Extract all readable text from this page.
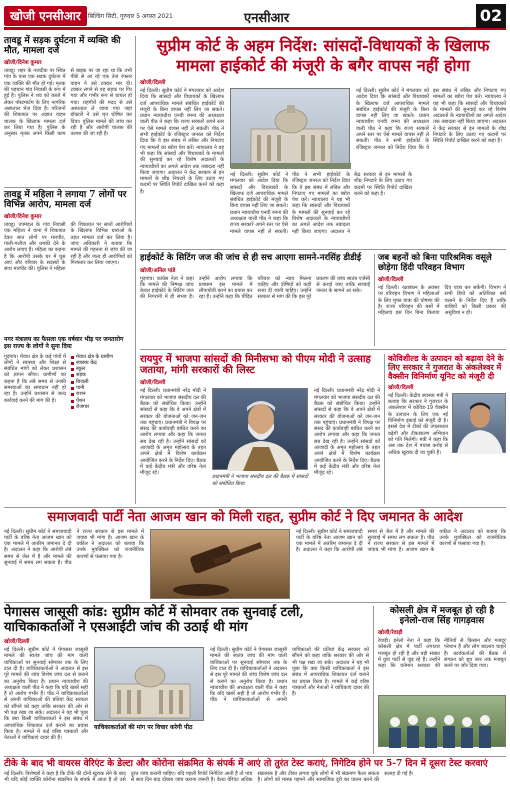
खोजी एनसीआर	बिल्डिंग सिटी, गुरुवार 5 अगस्त 2021	एनसीआर	02
तावडू में सड़क दुर्घटना में व्यक्ति की मौत, मामला दर्ज
खोजी/दिनेश कुमार
तावडू। शहर के नजदीक पर स्थित गांव के पास एक सड़क दुर्घटना में एक व्यक्ति की मौत हो गई। मृतक की पहचान गांव निवासी के रूप में हुई है। पुलिस ने शव को कब्जे में लेकर पोस्टमार्टम के लिए नागरिक अस्पताल भेज दिया है। परिजनों की शिकायत पर अज्ञात वाहन चालक के खिलाफ मामला दर्ज कर लिया गया है। पुलिस के अनुसार मृतक अपने किसी काम से बाइक पर जा रहा था कि तभी पीछे से आ रहे एक तेज रफ्तार वाहन ने उसे टक्कर मार दी। टक्कर लगने से वह सड़क पर गिर गया और गंभीर रूप से घायल हो गया। राहगीरों की मदद से उसे अस्पताल ले जाया गया जहां डॉक्टरों ने उसे मृत घोषित कर दिया। पुलिस मामले की जांच कर रही है और आरोपी चालक की तलाश की जा रही है।
तावडू में महिला ने लगाया 7 लोगों पर विभिन्न आरोप, मामला दर्ज
खोजी/दिनेश कुमार
तावडू। उपमंडल के गांव निवासी एक महिला ने थाना में शिकायत देकर सात लोगों पर मारपीट, गाली-गलौज और धमकी देने के आरोप लगाए हैं। महिला का कहना है कि आरोपी उसके घर में घुस आए और परिवार के सदस्यों के साथ मारपीट की। पुलिस ने महिला की शिकायत पर सातों आरोपियों के खिलाफ विभिन्न धाराओं के तहत मामला दर्ज कर लिया है। जांच अधिकारी ने बताया कि मामले की गहनता से जांच की जा रही है और जल्द ही आरोपियों को गिरफ्तार कर लिया जाएगा।
नगर मंत्रालय का फैसला एक वर्षवार भीड़ पर जनतारोग इस राज्य के लोगों ने सुना दिया
गुड़गांव। मेवात क्षेत्र के कई गांवों में लोगों ने स्वास्थ्य और शिक्षा से संबंधित मांगों को लेकर प्रशासन को ज्ञापन सौंपा। ग्रामीणों का कहना है कि लंबे समय से उनकी समस्याओं का समाधान नहीं हो रहा है। उन्होंने प्रशासन से जल्द कार्रवाई करने की मांग की है।
मेवात क्षेत्र के ग्रामीण
स्वास्थ्य केंद्र
स्कूल
सड़क
बिजली
पानी
राशन
पेंशन
रोजगार
सुप्रीम कोर्ट के अहम निर्देश: सांसदों-विधायकों के खिलाफ मामला हाईकोर्ट की मंजूरी के बगैर वापस नहीं होगा
खोजी/दिल्ली
नई दिल्ली। सुप्रीम कोर्ट ने मंगलवार को आदेश दिया कि सांसदों और विधायकों के खिलाफ दर्ज आपराधिक मामले संबंधित हाईकोर्ट की मंजूरी के बिना वापस नहीं लिए जा सकते। प्रधान न्यायाधीश एनवी रमना की अध्यक्षता वाली पीठ ने कहा कि राज्य सरकारें अपने स्तर पर ऐसे मामले वापस नहीं ले सकतीं। पीठ ने सभी हाईकोर्ट के रजिस्ट्रार जनरल को निर्देश दिया कि वे इस संबंध में लंबित और निपटाए गए मामलों का ब्योरा पेश करें। न्यायालय ने यह भी कहा कि सांसदों और विधायकों के मामलों की सुनवाई कर रहे विशेष अदालतों के न्यायाधीशों का अगले आदेश तक तबादला नहीं किया जाएगा। अदालत ने केंद्र सरकार से इन मामलों के शीघ्र निपटारे के लिए उठाए गए कदमों पर स्थिति रिपोर्ट दाखिल करने को कहा है।
नई दिल्ली। सुप्रीम कोर्ट ने मंगलवार को आदेश दिया कि सांसदों और विधायकों के खिलाफ दर्ज आपराधिक मामले संबंधित हाईकोर्ट की मंजूरी के बिना वापस नहीं लिए जा सकते। प्रधान न्यायाधीश एनवी रमना की अध्यक्षता वाली पीठ ने कहा कि राज्य सरकारें अपने स्तर पर ऐसे मामले वापस नहीं ले सकतीं। पीठ ने सभी हाईकोर्ट के रजिस्ट्रार जनरल को निर्देश दिया कि वे इस संबंध में लंबित और निपटाए गए मामलों का ब्योरा पेश करें। न्यायालय ने यह भी कहा कि सांसदों और विधायकों के मामलों की सुनवाई कर रहे विशेष अदालतों के न्यायाधीशों का अगले आदेश तक तबादला नहीं किया जाएगा। अदालत ने केंद्र सरकार से इन मामलों के शीघ्र निपटारे के लिए उठाए गए कदमों पर स्थिति रिपोर्ट दाखिल करने को कहा है।
नई दिल्ली। सुप्रीम कोर्ट ने मंगलवार को आदेश दिया कि सांसदों और विधायकों के खिलाफ दर्ज आपराधिक मामले संबंधित हाईकोर्ट की मंजूरी के बिना वापस नहीं लिए जा सकते। प्रधान न्यायाधीश एनवी रमना की अध्यक्षता वाली पीठ ने कहा कि राज्य सरकारें अपने स्तर पर ऐसे मामले वापस नहीं ले सकतीं। पीठ ने सभी हाईकोर्ट के रजिस्ट्रार जनरल को निर्देश दिया कि वे इस संबंध में लंबित और निपटाए गए मामलों का ब्योरा पेश करें। न्यायालय ने यह भी कहा कि सांसदों और विधायकों के मामलों की सुनवाई कर रहे विशेष अदालतों के न्यायाधीशों का अगले आदेश तक तबादला नहीं किया जाएगा। अदालत ने केंद्र सरकार से इन मामलों के शीघ्र निपटारे के लिए उठाए गए कदमों पर स्थिति रिपोर्ट दाखिल करने को कहा है।
हाईकोर्ट के सिटिंग जज की जांच से ही सच आएगा सामने-नरसिंह डीडीई
खोजी/अनिल पांडे
गुड़गांव। कांग्रेस नेता ने कहा कि मामले की निष्पक्ष जांच केवल हाईकोर्ट के सिटिंग जज की निगरानी में ही संभव है। उन्होंने आरोप लगाया कि प्रशासन इस मामले में लीपापोती करने का प्रयास कर रहा है। उन्होंने कहा कि पीड़ित परिवार को न्याय मिलना चाहिए और दोषियों को कड़ी सजा दी जानी चाहिए। उन्होंने सरकार से मांग की कि इस पूरे प्रकरण की जांच स्वतंत्र एजेंसी से कराई जाए ताकि सच्चाई जनता के सामने आ सके।
जब बहनों को बिना पारिश्रमिक वसूले छोड़ेगा हिंदी परिवहन विभाग
खोजी/दिल्ली
नई दिल्ली। रक्षाबंधन के अवसर पर परिवहन विभाग ने महिलाओं के लिए मुफ्त यात्रा की घोषणा की है। राज्य परिवहन की बसों में महिलाएं इस दिन बिना किराया दिए यात्रा कर सकेंगी। विभाग ने सभी डिपो को अतिरिक्त बसें चलाने के निर्देश दिए हैं ताकि यात्रियों को किसी प्रकार की असुविधा न हो।
रायपुर में भाजपा सांसदों की मिनीसभा को पीएम मोदी ने उत्साह जताया, मांगी सरकारों की लिस्ट
खोजी/दिल्ली
नई दिल्ली। प्रधानमंत्री नरेंद्र मोदी ने मंगलवार को भाजपा संसदीय दल की बैठक को संबोधित किया। उन्होंने सांसदों से कहा कि वे अपने क्षेत्रों में सरकार की योजनाओं को जन-जन तक पहुंचाएं। प्रधानमंत्री ने विपक्ष पर संसद की कार्यवाही बाधित करने का आरोप लगाया और कहा कि जनता सब देख रही है। उन्होंने सांसदों को आजादी के अमृत महोत्सव के तहत अपने क्षेत्रों में विशेष कार्यक्रम आयोजित करने के निर्देश दिए। बैठक में कई केंद्रीय मंत्री और वरिष्ठ नेता मौजूद रहे।
प्रधानमंत्री ने भाजपा संसदीय दल की बैठक में सांसदों को संबोधित किया
नई दिल्ली। प्रधानमंत्री नरेंद्र मोदी ने मंगलवार को भाजपा संसदीय दल की बैठक को संबोधित किया। उन्होंने सांसदों से कहा कि वे अपने क्षेत्रों में सरकार की योजनाओं को जन-जन तक पहुंचाएं। प्रधानमंत्री ने विपक्ष पर संसद की कार्यवाही बाधित करने का आरोप लगाया और कहा कि जनता सब देख रही है। उन्होंने सांसदों को आजादी के अमृत महोत्सव के तहत अपने क्षेत्रों में विशेष कार्यक्रम आयोजित करने के निर्देश दिए। बैठक में कई केंद्रीय मंत्री और वरिष्ठ नेता मौजूद रहे।
कोविशील्ड के उत्पादन को बढ़ावा देने के लिए सरकार ने गुजरात के अंकलेश्वर में वैक्सीन विनिर्माण यूनिट को मंजूरी दी
खोजी/दिल्ली
नई दिल्ली। केंद्रीय स्वास्थ्य मंत्री ने बताया कि सरकार ने गुजरात के अंकलेश्वर में कोविड-19 वैक्सीन के उत्पादन के लिए एक नई विनिर्माण इकाई को मंजूरी दी है। इससे देश में टीकों की उपलब्धता बढ़ेगी और टीकाकरण अभियान को गति मिलेगी। मंत्री ने कहा कि अब तक देश में पचास करोड़ से अधिक खुराक दी जा चुकी हैं।
समाजवादी पार्टी नेता आजम खान को मिली राहत, सुप्रीम कोर्ट ने दिए जमानत के आदेश
नई दिल्ली। सुप्रीम कोर्ट ने समाजवादी पार्टी के वरिष्ठ नेता आजम खान को एक मामले में अंतरिम जमानत दे दी है। अदालत ने कहा कि आरोपी लंबे समय से जेल में है और मामले की सुनवाई में समय लग सकता है। पीठ ने राज्य सरकार से इस मामले में जवाब भी मांगा है। आजम खान के वकील ने अदालत को बताया कि उनके मुवक्किल को राजनीतिक कारणों से फंसाया गया है।
नई दिल्ली। सुप्रीम कोर्ट ने समाजवादी पार्टी के वरिष्ठ नेता आजम खान को एक मामले में अंतरिम जमानत दे दी है। अदालत ने कहा कि आरोपी लंबे समय से जेल में है और मामले की सुनवाई में समय लग सकता है। पीठ ने राज्य सरकार से इस मामले में जवाब भी मांगा है। आजम खान के वकील ने अदालत को बताया कि उनके मुवक्किल को राजनीतिक कारणों से फंसाया गया है।
पेगासस जासूसी कांड: सुप्रीम कोर्ट में सोमवार तक सुनवाई टली, याचिकाकर्ताओं ने एसआईटी जांच की उठाई थी मांग
खोजी/दिल्ली
नई दिल्ली। सुप्रीम कोर्ट ने पेगासस जासूसी मामले की स्वतंत्र जांच की मांग वाली याचिकाओं पर सुनवाई सोमवार तक के लिए टाल दी है। याचिकाकर्ताओं ने अदालत से इस पूरे मामले की जांच विशेष जांच दल से कराने का अनुरोध किया है। प्रधान न्यायाधीश की अध्यक्षता वाली पीठ ने कहा कि यदि खबरें सही हैं तो आरोप गंभीर हैं। पीठ ने याचिकाकर्ताओं से अपनी याचिकाओं की प्रतियां केंद्र सरकार को सौंपने को कहा ताकि सरकार की ओर से भी पक्ष रखा जा सके। अदालत ने यह भी पूछा कि क्या किसी याचिकाकर्ता ने इस संबंध में आपराधिक शिकायत दर्ज कराने का प्रयास किया है। मामले में कई वरिष्ठ पत्रकारों और नेताओं ने याचिकाएं दायर की हैं।
याचिकाकर्ताओं की मांग पर विचार करेगी पीठ
नई दिल्ली। सुप्रीम कोर्ट ने पेगासस जासूसी मामले की स्वतंत्र जांच की मांग वाली याचिकाओं पर सुनवाई सोमवार तक के लिए टाल दी है। याचिकाकर्ताओं ने अदालत से इस पूरे मामले की जांच विशेष जांच दल से कराने का अनुरोध किया है। प्रधान न्यायाधीश की अध्यक्षता वाली पीठ ने कहा कि यदि खबरें सही हैं तो आरोप गंभीर हैं। पीठ ने याचिकाकर्ताओं से अपनी याचिकाओं की प्रतियां केंद्र सरकार को सौंपने को कहा ताकि सरकार की ओर से भी पक्ष रखा जा सके। अदालत ने यह भी पूछा कि क्या किसी याचिकाकर्ता ने इस संबंध में आपराधिक शिकायत दर्ज कराने का प्रयास किया है। मामले में कई वरिष्ठ पत्रकारों और नेताओं ने याचिकाएं दायर की हैं।
कोसली क्षेत्र में मजबूत हो रही है इनेलो-राज सिंह गागड़वास
खोजी/रेवाड़ी
रेवाड़ी। इनेलो नेता ने कहा कि कोसली क्षेत्र में पार्टी लगातार मजबूत हो रही है और बड़ी संख्या में युवा पार्टी से जुड़ रहे हैं। उन्होंने कहा कि वर्तमान सरकार की नीतियों से किसान और मजदूर परेशान हैं और लोग बदलाव चाहते हैं। कार्यकर्ताओं की बैठक में संगठन को बूथ स्तर तक मजबूत करने पर जोर दिया गया।
टीके के बाद भी वायरस वेरिएंट के डेल्टा और कोरोना संक्रमित के संपर्क में आएं तो तुरंत टेस्ट कराएं, निगेटिव होने पर 5-7 दिन में दूसरा टेस्ट करवाएं
नई दिल्ली। विशेषज्ञों ने कहा है कि टीके की दोनों खुराक लेने के बाद भी यदि कोई व्यक्ति कोरोना संक्रमित के संपर्क में आता है तो उसे तुरंत जांच करानी चाहिए। यदि पहली रिपोर्ट निगेटिव आती है तो पांच से सात दिन बाद दोबारा जांच कराना जरूरी है। डेल्टा वेरिएंट अधिक संक्रामक है और टीका लगवा चुके लोगों में भी संक्रमण फैला सकता है। लोगों को मास्क पहनने और सामाजिक दूरी का पालन करने की सलाह दी गई है।
